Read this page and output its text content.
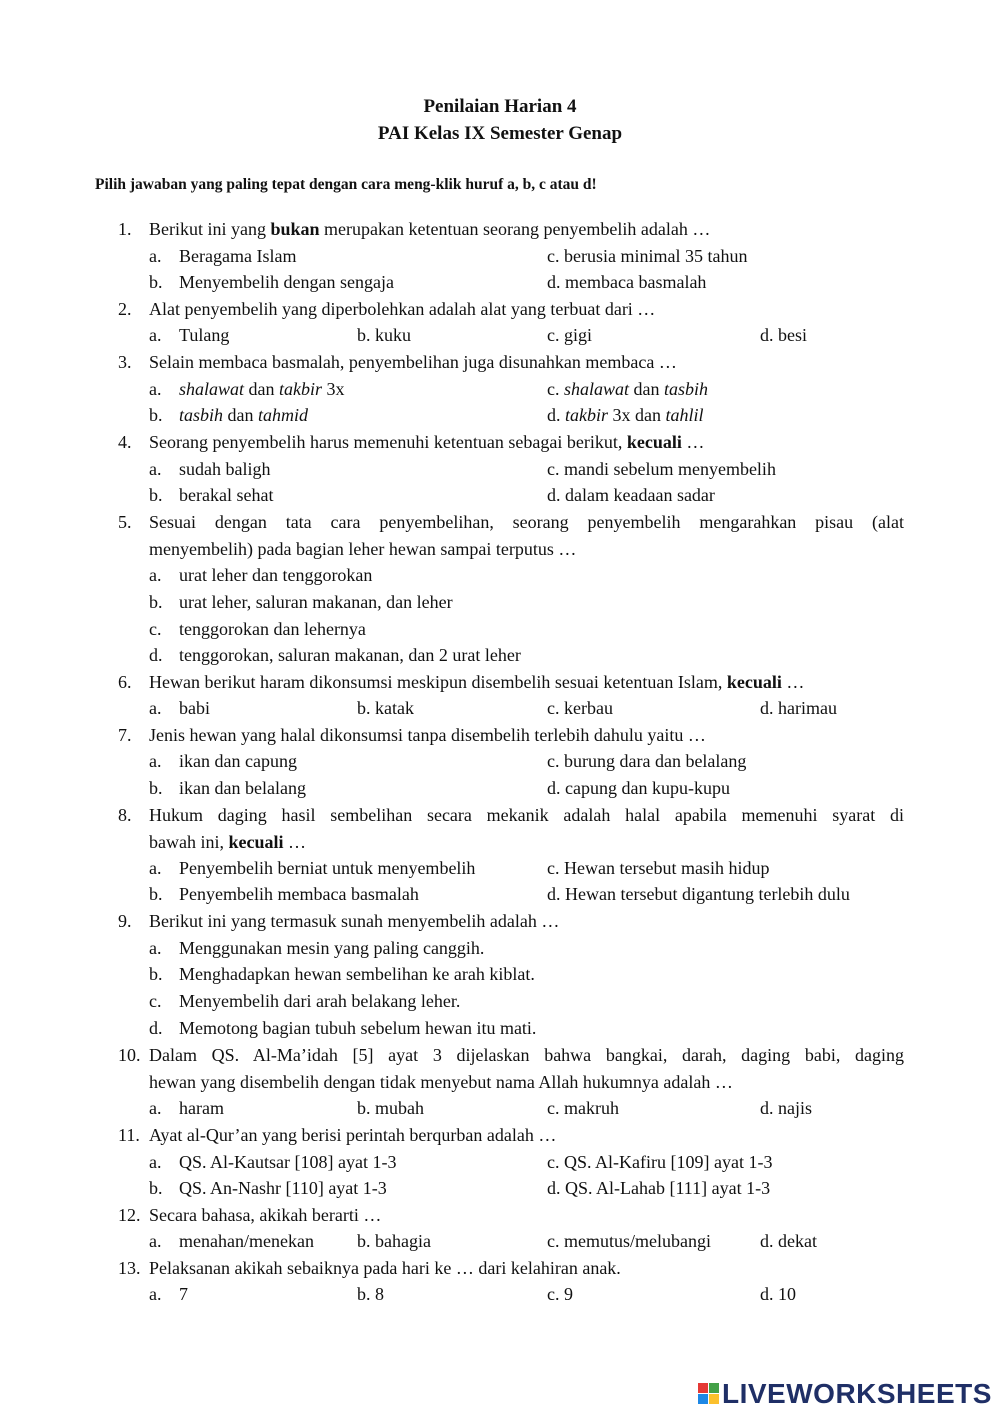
Penilaian Harian 4
PAI Kelas IX Semester Genap
Pilih jawaban yang paling tepat dengan cara meng-klik huruf a, b, c atau d!
1. Berikut ini yang bukan merupakan ketentuan seorang penyembelih adalah …
a. Beragama Islam	c. berusia minimal 35 tahun
b. Menyembelih dengan sengaja	d. membaca basmalah
2. Alat penyembelih yang diperbolehkan adalah alat yang terbuat dari …
a. Tulang	b. kuku	c. gigi	d. besi
3. Selain membaca basmalah, penyembelihan juga disunahkan membaca …
a. shalawat dan takbir 3x	c. shalawat dan tasbih
b. tasbih dan tahmid	d. takbir 3x dan tahlil
4. Seorang penyembelih harus memenuhi ketentuan sebagai berikut, kecuali …
a. sudah baligh	c. mandi sebelum menyembelih
b. berakal sehat	d. dalam keadaan sadar
5. Sesuai dengan tata cara penyembelihan, seorang penyembelih mengarahkan pisau (alat
menyembelih) pada bagian leher hewan sampai terputus …
a. urat leher dan tenggorokan
b. urat leher, saluran makanan, dan leher
c. tenggorokan dan lehernya
d. tenggorokan, saluran makanan, dan 2 urat leher
6. Hewan berikut haram dikonsumsi meskipun disembelih sesuai ketentuan Islam, kecuali …
a. babi	b. katak	c. kerbau	d. harimau
7. Jenis hewan yang halal dikonsumsi tanpa disembelih terlebih dahulu yaitu …
a. ikan dan capung	c. burung dara dan belalang
b. ikan dan belalang	d. capung dan kupu-kupu
8. Hukum daging hasil sembelihan secara mekanik adalah halal apabila memenuhi syarat di
bawah ini, kecuali …
a. Penyembelih berniat untuk menyembelih	c. Hewan tersebut masih hidup
b. Penyembelih membaca basmalah	d. Hewan tersebut digantung terlebih dulu
9. Berikut ini yang termasuk sunah menyembelih adalah …
a. Menggunakan mesin yang paling canggih.
b. Menghadapkan hewan sembelihan ke arah kiblat.
c. Menyembelih dari arah belakang leher.
d. Memotong bagian tubuh sebelum hewan itu mati.
10. Dalam QS. Al-Ma’idah [5] ayat 3 dijelaskan bahwa bangkai, darah, daging babi, daging
hewan yang disembelih dengan tidak menyebut nama Allah hukumnya adalah …
a. haram	b. mubah	c. makruh	d. najis
11. Ayat al-Qur’an yang berisi perintah berqurban adalah …
a. QS. Al-Kautsar [108] ayat 1-3	c. QS. Al-Kafiru [109] ayat 1-3
b. QS. An-Nashr [110] ayat 1-3	d. QS. Al-Lahab [111] ayat 1-3
12. Secara bahasa, akikah berarti …
a. menahan/menekan b. bahagia	c. memutus/melubangi	d. dekat
13. Pelaksanan akikah sebaiknya pada hari ke … dari kelahiran anak.
a. 7	b. 8	c. 9	d. 10
LIVEWORKSHEETS
